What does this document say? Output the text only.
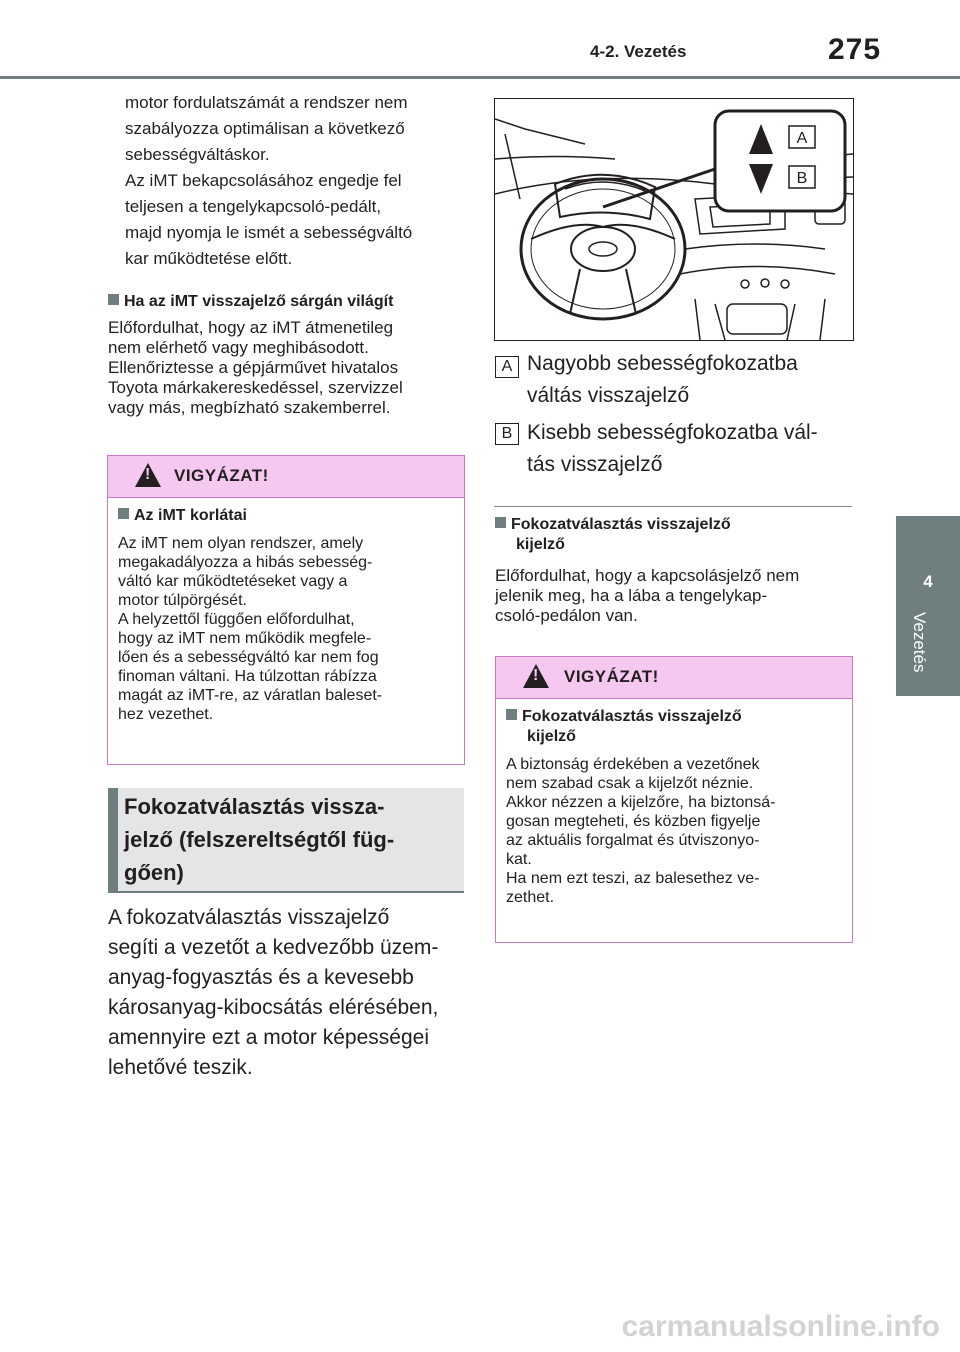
4-2. Vezetés	275
4
Vezetés
motor fordulatszámát a rendszer nem
szabályozza optimálisan a következő
sebességváltáskor.
Az iMT bekapcsolásához engedje fel
teljesen a tengelykapcsoló-pedált,
majd nyomja le ismét a sebességváltó
kar működtetése előtt.
Ha az iMT visszajelző sárgán világít
Előfordulhat, hogy az iMT átmenetileg
nem elérhető vagy meghibásodott.
Ellenőriztesse a gépjárművet hivatalos
Toyota márkakereskedéssel, szervizzel
vagy más, megbízható szakemberrel.
! VIGYÁZAT!
Az iMT korlátai
Az iMT nem olyan rendszer, amely
megakadályozza a hibás sebesség-
váltó kar működtetéseket vagy a
motor túlpörgését.
A helyzettől függően előfordulhat,
hogy az iMT nem működik megfele-
lően és a sebességváltó kar nem fog
finoman váltani. Ha túlzottan rábízza
magát az iMT-re, az váratlan baleset-
hez vezethet.
Fokozatválasztás vissza-
jelző (felszereltségtől füg-
gően)
A fokozatválasztás visszajelző
segíti a vezetőt a kedvezőbb üzem-
anyag-fogyasztás és a kevesebb
károsanyag-kibocsátás elérésében,
amennyire ezt a motor képességei
lehetővé teszik.
A
B
A Nagyobb sebességfokozatba
váltás visszajelző
B Kisebb sebességfokozatba vál-
tás visszajelző
Fokozatválasztás visszajelző
kijelző
Előfordulhat, hogy a kapcsolásjelző nem
jelenik meg, ha a lába a tengelykap-
csoló-pedálon van.
! VIGYÁZAT!
Fokozatválasztás visszajelző
kijelző
A biztonság érdekében a vezetőnek
nem szabad csak a kijelzőt néznie.
Akkor nézzen a kijelzőre, ha biztonsá-
gosan megteheti, és közben figyelje
az aktuális forgalmat és útviszonyo-
kat.
Ha nem ezt teszi, az balesethez ve-
zethet.
carmanualsonline.info
